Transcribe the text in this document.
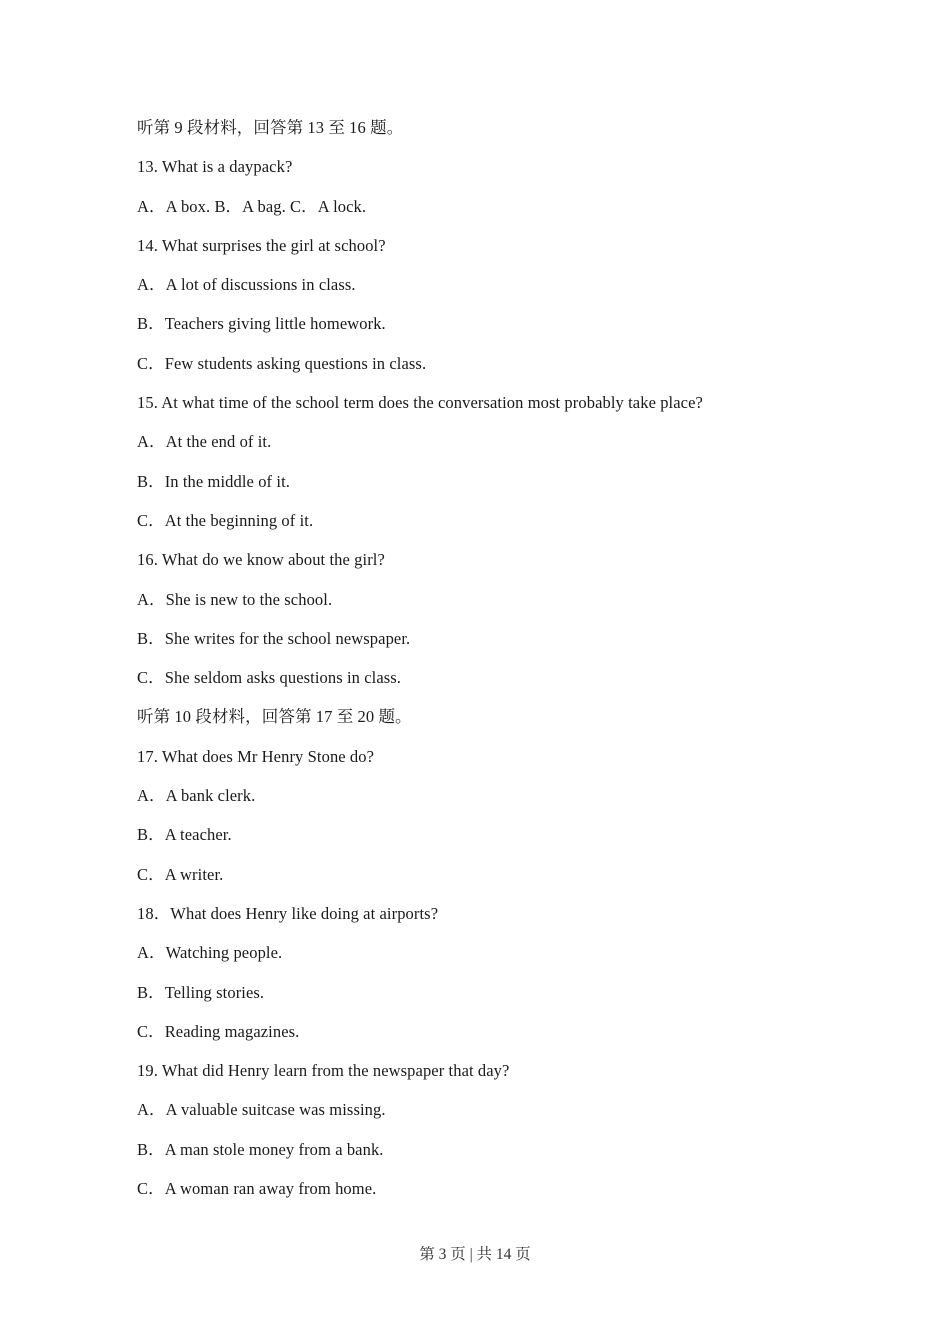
听第 9 段材料，回答第 13 至 16 题。

13. What is a daypack?

A．A box. B．A bag. C．A lock.

14. What surprises the girl at school?

A．A lot of discussions in class.

B．Teachers giving little homework.

C．Few students asking questions in class.

15. At what time of the school term does the conversation most probably take place?

A．At the end of it.

B．In the middle of it.

C．At the beginning of it.

16. What do we know about the girl?

A．She is new to the school.

B．She writes for the school newspaper.

C．She seldom asks questions in class.

听第 10 段材料，回答第 17 至 20 题。

17. What does Mr Henry Stone do?

A．A bank clerk.

B．A teacher.

C．A writer.

18．What does Henry like doing at airports?

A．Watching people.

B．Telling stories.

C．Reading magazines.

19. What did Henry learn from the newspaper that day?

A．A valuable suitcase was missing.

B．A man stole money from a bank.

C．A woman ran away from home.

第 3 页 | 共 14 页
